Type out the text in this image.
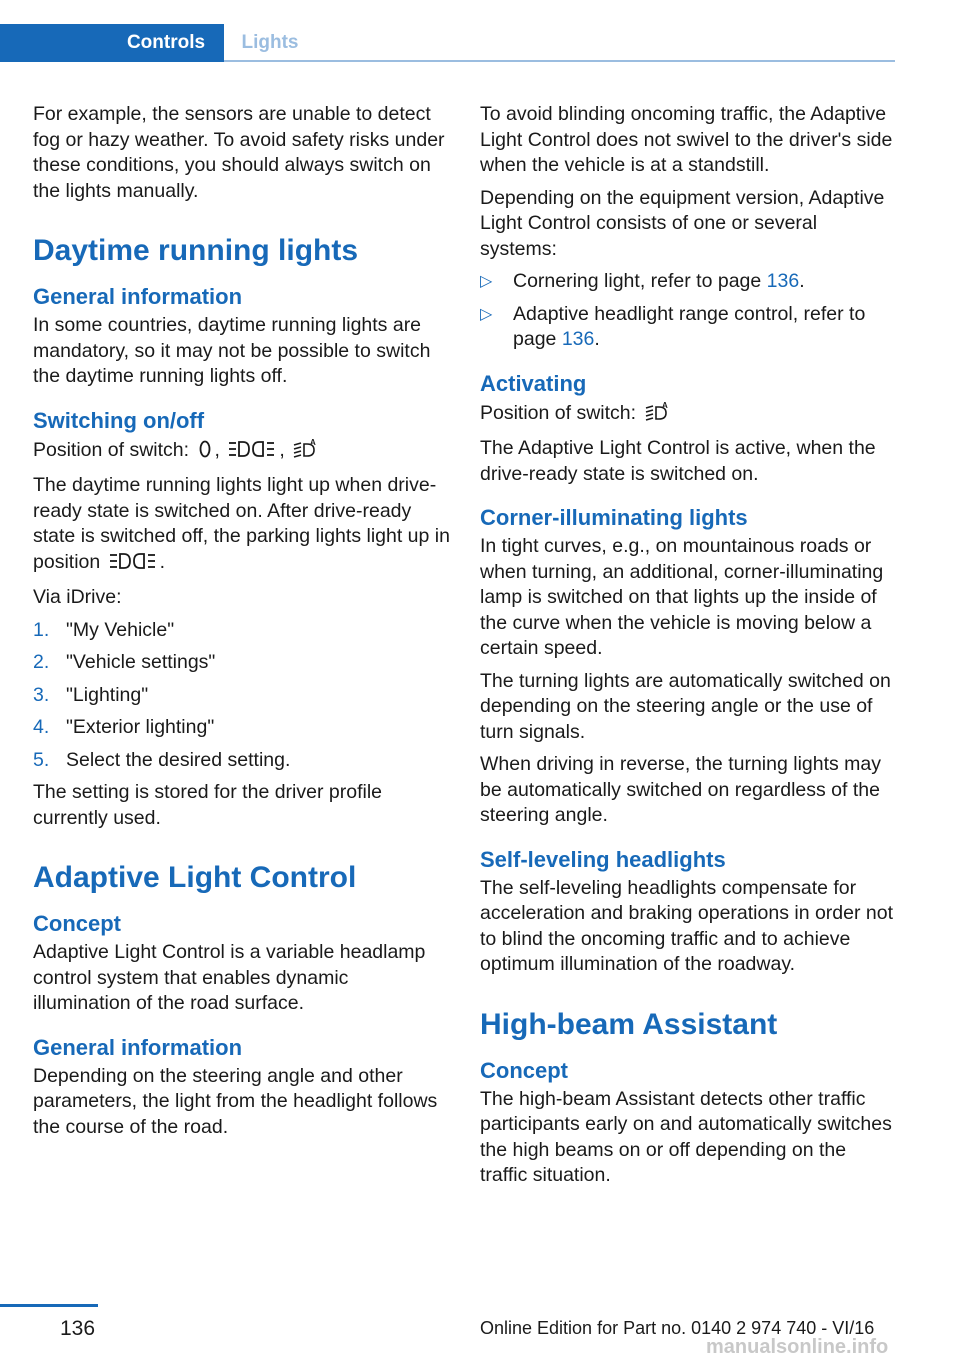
Controls	Lights

For example, the sensors are unable to detect fog or hazy weather. To avoid safety risks under these conditions, you should always switch on the lights manually.

Daytime running lights
General information

In some countries, daytime running lights are mandatory, so it may not be possible to switch the daytime running lights off.

Switching on/off

Position of switch: ,	,	A

The daytime running lights light up when drive-ready state is switched on. After drive-ready state is switched off, the parking lights light up in position	.

Via iDrive:

1. "My Vehicle"
2. "Vehicle settings"
3. "Lighting"
4. "Exterior lighting"
5. Select the desired setting.

The setting is stored for the driver profile currently used.

Adaptive Light Control
Concept

Adaptive Light Control is a variable headlamp control system that enables dynamic illumination of the road surface.

General information

Depending on the steering angle and other parameters, the light from the headlight follows the course of the road.

To avoid blinding oncoming traffic, the Adaptive Light Control does not swivel to the driver's side when the vehicle is at a standstill.

Depending on the equipment version, Adaptive Light Control consists of one or several systems:

▷ Cornering light, refer to page 136.
▷ Adaptive headlight range control, refer to page 136.
Activating

Position of switch:	A

The Adaptive Light Control is active, when the drive-ready state is switched on.

Corner-illuminating lights

In tight curves, e.g., on mountainous roads or when turning, an additional, corner-illuminating lamp is switched on that lights up the inside of the curve when the vehicle is moving below a certain speed.

The turning lights are automatically switched on depending on the steering angle or the use of turn signals.

When driving in reverse, the turning lights may be automatically switched on regardless of the steering angle.

Self-leveling headlights

The self-leveling headlights compensate for acceleration and braking operations in order not to blind the oncoming traffic and to achieve optimum illumination of the roadway.

High-beam Assistant
Concept

The high-beam Assistant detects other traffic participants early on and automatically switches the high beams on or off depending on the traffic situation.

136	Online Edition for Part no. 0140 2 974 740 - VI/16
manualsonline.info
